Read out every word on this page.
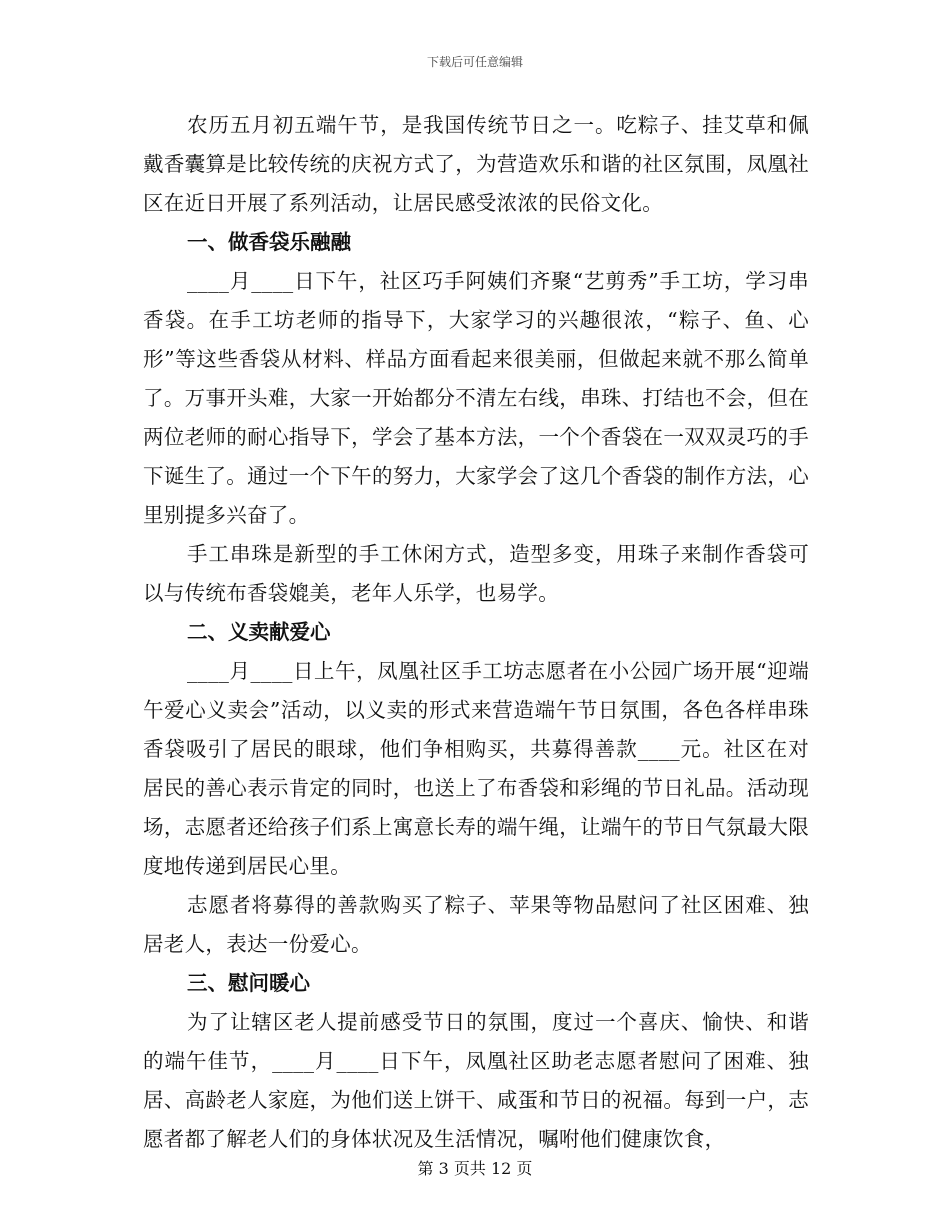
下载后可任意编辑

农历五月初五端午节，是我国传统节日之一。吃粽子、挂艾草和佩戴香囊算是比较传统的庆祝方式了，为营造欢乐和谐的社区氛围，凤凰社区在近日开展了系列活动，让居民感受浓浓的民俗文化。

一、做香袋乐融融

____月____日下午，社区巧手阿姨们齐聚“艺剪秀”手工坊，学习串香袋。在手工坊老师的指导下，大家学习的兴趣很浓，“粽子、鱼、心形”等这些香袋从材料、样品方面看起来很美丽，但做起来就不那么简单了。万事开头难，大家一开始都分不清左右线，串珠、打结也不会，但在两位老师的耐心指导下，学会了基本方法，一个个香袋在一双双灵巧的手下诞生了。通过一个下午的努力，大家学会了这几个香袋的制作方法，心里别提多兴奋了。

手工串珠是新型的手工休闲方式，造型多变，用珠子来制作香袋可以与传统布香袋媲美，老年人乐学，也易学。

二、义卖献爱心

____月____日上午，凤凰社区手工坊志愿者在小公园广场开展“迎端午爱心义卖会”活动，以义卖的形式来营造端午节日氛围，各色各样串珠香袋吸引了居民的眼球，他们争相购买，共募得善款____元。社区在对居民的善心表示肯定的同时，也送上了布香袋和彩绳的节日礼品。活动现场，志愿者还给孩子们系上寓意长寿的端午绳，让端午的节日气氛最大限度地传递到居民心里。

志愿者将募得的善款购买了粽子、苹果等物品慰问了社区困难、独居老人，表达一份爱心。

三、慰问暖心

为了让辖区老人提前感受节日的氛围，度过一个喜庆、愉快、和谐的端午佳节，____月____日下午，凤凰社区助老志愿者慰问了困难、独居、高龄老人家庭，为他们送上饼干、咸蛋和节日的祝福。每到一户，志愿者都了解老人们的身体状况及生活情况，嘱咐他们健康饮食，

第 3 页共 12 页
